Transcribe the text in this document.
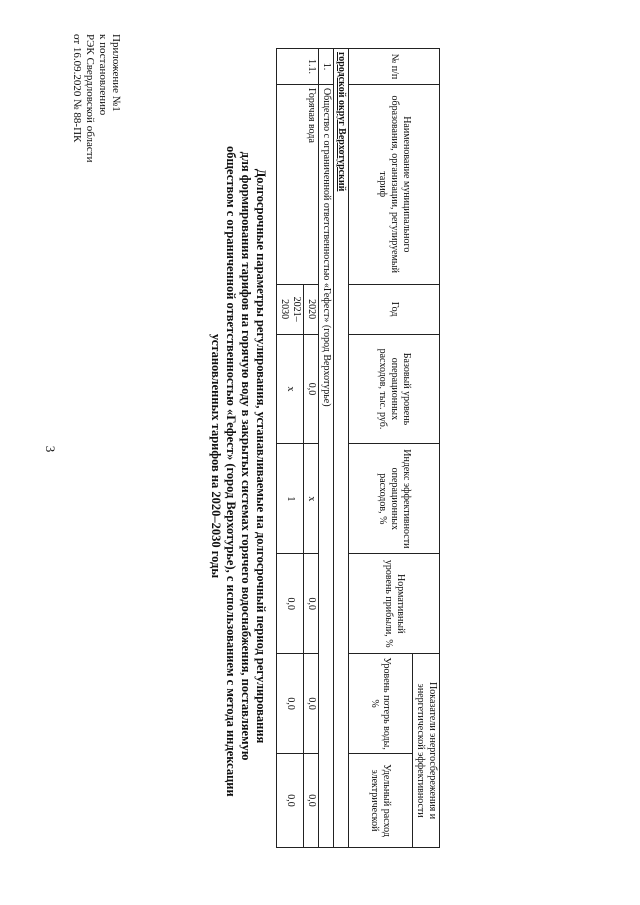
3
Приложение №1
к постановлению
РЭК Свердловской области
от 16.09.2020 № 88-ПК
Долгосрочные параметры регулирования, устанавливаемые на долгосрочный период регулирования
для формирования тарифов на горячую воду в закрытых системах горячего водоснабжения, поставляемую
обществом с ограниченной ответственностью «Гефест» (город Верхотурье), с использованием с метода индексации
установленных тарифов на 2020–2030 годы
№ п/п	Наименование муниципального образования, организации, регулируемый тариф	Год	Базовый уровень операционных расходов, тыс. руб.	Индекс эффективности операционных расходов, %	Нормативный уровень прибыли, %	Показатели энергосбережения и энергетической эффективности	
						Уровень потерь воды, %	Удельный расход электрической
городской округ Верхотурский							
1.	Общество с ограниченной ответственностью «Гефест» (город Верхотурье)						
1.1.	Горячая вода	2020	0,0	x	0,0	0,0	0,0
		2021–2030	x	1	0,0	0,0	0,0
